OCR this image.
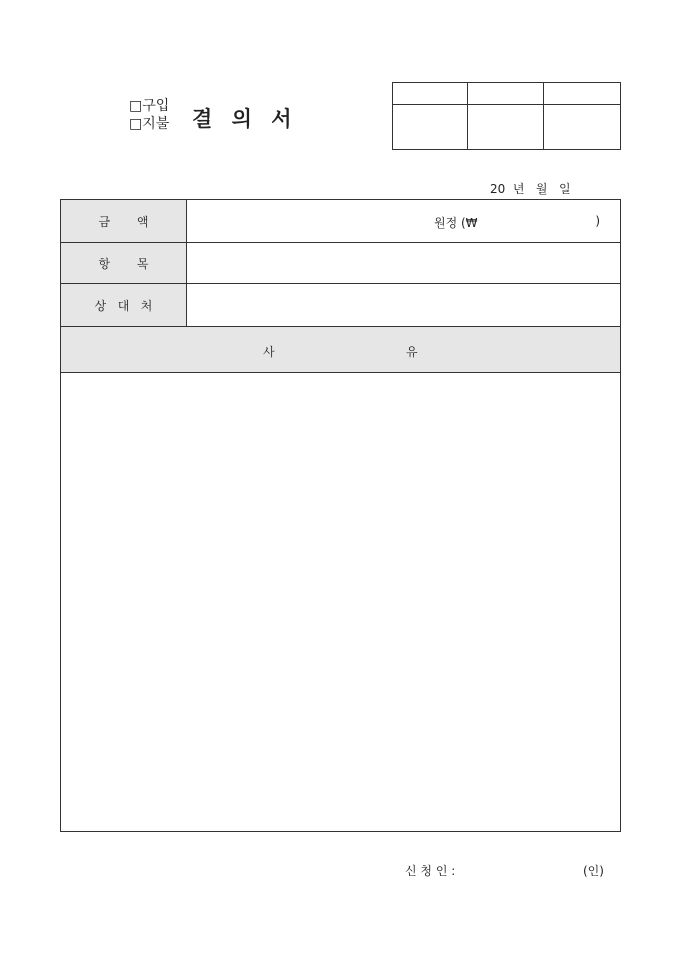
□구입
□지불	결 의 서
20  년   월   일
금       액	원정 (₩	)
항       목
상   대   처
사	유
신 청 인 :	(인)
